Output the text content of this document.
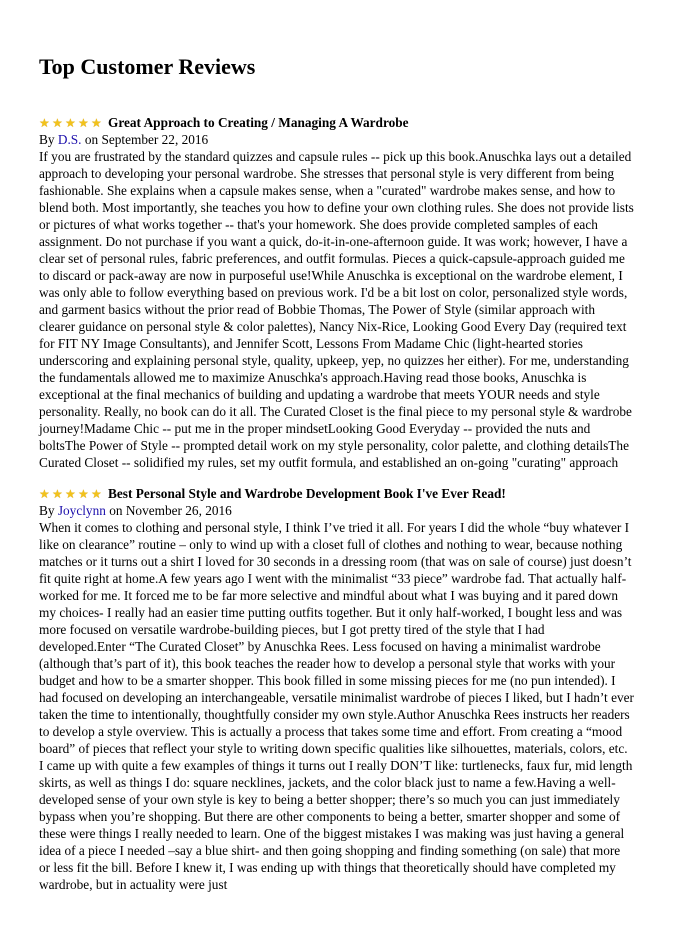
Top Customer Reviews
★ ★ ★ ★ ★ Great Approach to Creating / Managing A Wardrobe
By D.S. on September 22, 2016

If you are frustrated by the standard quizzes and capsule rules -- pick up this book.Anuschka lays out a detailed approach to developing your personal wardrobe. She stresses that personal style is very different from being fashionable. She explains when a capsule makes sense, when a "curated" wardrobe makes sense, and how to blend both. Most importantly, she teaches you how to define your own clothing rules. She does not provide lists or pictures of what works together -- that's your homework. She does provide completed samples of each assignment. Do not purchase if you want a quick, do-it-in-one-afternoon guide. It was work; however, I have a clear set of personal rules, fabric preferences, and outfit formulas. Pieces a quick-capsule-approach guided me to discard or pack-away are now in purposeful use!While Anuschka is exceptional on the wardrobe element, I was only able to follow everything based on previous work. I'd be a bit lost on color, personalized style words, and garment basics without the prior read of Bobbie Thomas, The Power of Style (similar approach with clearer guidance on personal style & color palettes), Nancy Nix-Rice, Looking Good Every Day (required text for FIT NY Image Consultants), and Jennifer Scott, Lessons From Madame Chic (light-hearted stories underscoring and explaining personal style, quality, upkeep, yep, no quizzes her either). For me, understanding the fundamentals allowed me to maximize Anuschka's approach.Having read those books, Anuschka is exceptional at the final mechanics of building and updating a wardrobe that meets YOUR needs and style personality. Really, no book can do it all. The Curated Closet is the final piece to my personal style & wardrobe journey!Madame Chic -- put me in the proper mindsetLooking Good Everyday -- provided the nuts and boltsThe Power of Style -- prompted detail work on my style personality, color palette, and clothing detailsThe Curated Closet -- solidified my rules, set my outfit formula, and established an on-going "curating" approach

★ ★ ★ ★ ★ Best Personal Style and Wardrobe Development Book I've Ever Read!
By Joyclynn on November 26, 2016

When it comes to clothing and personal style, I think I’ve tried it all. For years I did the whole “buy whatever I like on clearance” routine – only to wind up with a closet full of clothes and nothing to wear, because nothing matches or it turns out a shirt I loved for 30 seconds in a dressing room (that was on sale of course) just doesn’t fit quite right at home.A few years ago I went with the minimalist “33 piece” wardrobe fad. That actually half-worked for me. It forced me to be far more selective and mindful about what I was buying and it pared down my choices- I really had an easier time putting outfits together. But it only half-worked, I bought less and was more focused on versatile wardrobe-building pieces, but I got pretty tired of the style that I had developed.Enter “The Curated Closet” by Anuschka Rees. Less focused on having a minimalist wardrobe (although that’s part of it), this book teaches the reader how to develop a personal style that works with your budget and how to be a smarter shopper. This book filled in some missing pieces for me (no pun intended). I had focused on developing an interchangeable, versatile minimalist wardrobe of pieces I liked, but I hadn’t ever taken the time to intentionally, thoughtfully consider my own style.Author Anuschka Rees instructs her readers to develop a style overview. This is actually a process that takes some time and effort. From creating a “mood board” of pieces that reflect your style to writing down specific qualities like silhouettes, materials, colors, etc. I came up with quite a few examples of things it turns out I really DON’T like: turtlenecks, faux fur, mid length skirts, as well as things I do: square necklines, jackets, and the color black just to name a few.Having a well-developed sense of your own style is key to being a better shopper; there’s so much you can just immediately bypass when you’re shopping. But there are other components to being a better, smarter shopper and some of these were things I really needed to learn. One of the biggest mistakes I was making was just having a general idea of a piece I needed –say a blue shirt- and then going shopping and finding something (on sale) that more or less fit the bill. Before I knew it, I was ending up with things that theoretically should have completed my wardrobe, but in actuality were just
